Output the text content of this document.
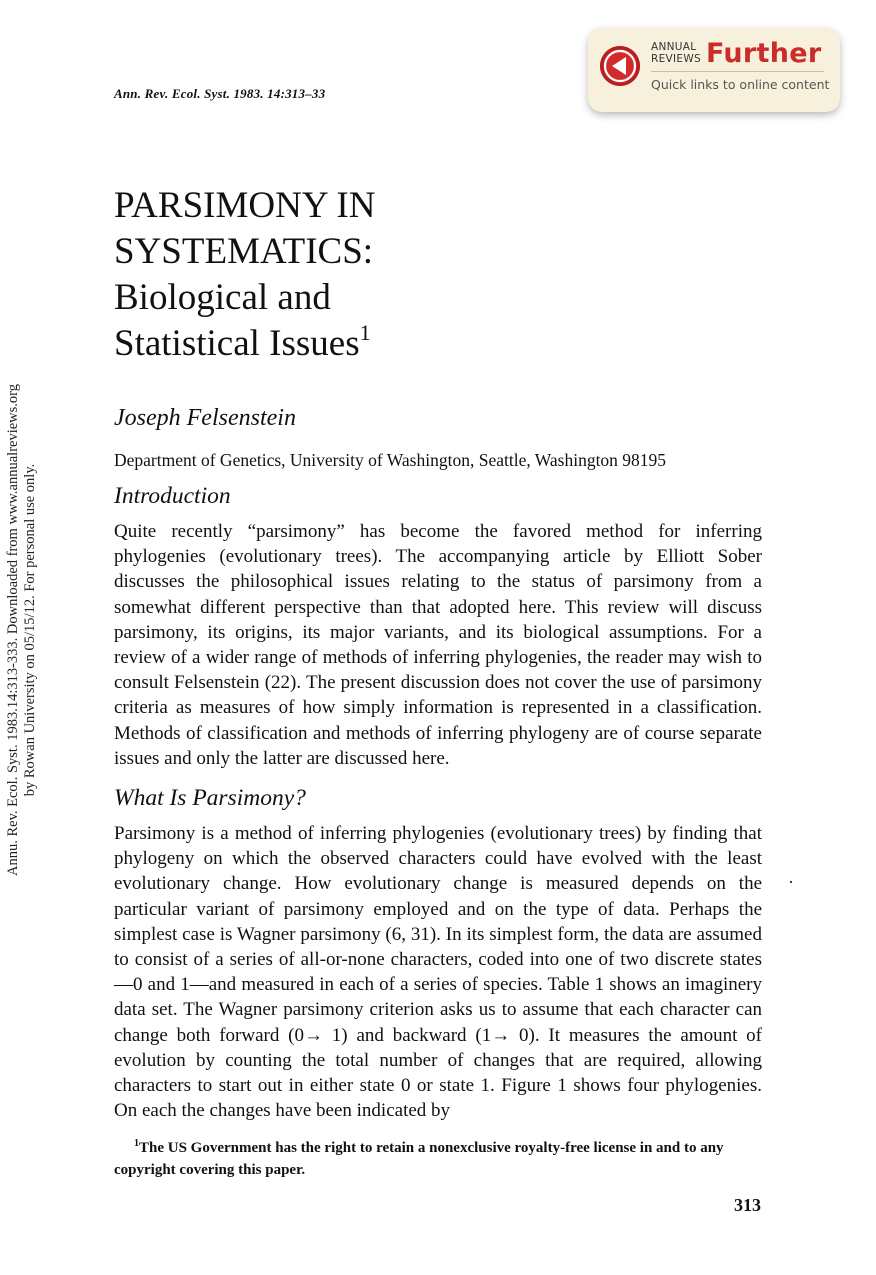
Ann. Rev. Ecol. Syst. 1983. 14:313–33
ANNUAL
REVIEWS Further
Quick links to online content
Annu. Rev. Ecol. Syst. 1983.14:313-333. Downloaded from www.annualreviews.org by Rowan University on 05/15/12. For personal use only.
PARSIMONY IN
SYSTEMATICS:
Biological and
Statistical Issues$^1$
Joseph Felsenstein
Department of Genetics, University of Washington, Seattle, Washington 98195
Introduction

Quite recently “parsimony” has become the favored method for inferring phylogenies (evolutionary trees). The accompanying article by Elliott Sober discusses the philosophical issues relating to the status of parsimony from a somewhat different perspective than that adopted here. This review will discuss parsimony, its origins, its major variants, and its biological assumptions. For a review of a wider range of methods of inferring phylogenies, the reader may wish to consult Felsenstein (22). The present discussion does not cover the use of parsimony criteria as measures of how simply information is represented in a classification. Methods of classification and methods of inferring phylogeny are of course separate issues and only the latter are discussed here.

What Is Parsimony?

Parsimony is a method of inferring phylogenies (evolutionary trees) by finding that phylogeny on which the observed characters could have evolved with the least evolutionary change. How evolutionary change is measured depends on the particular variant of parsimony employed and on the type of data. Perhaps the simplest case is Wagner parsimony (6, 31). In its simplest form, the data are assumed to consist of a series of all-or-none characters, coded into one of two discrete states—0 and 1—and measured in each of a series of species. Table 1 shows an imaginery data set. The Wagner parsimony criterion asks us to assume that each character can change both forward (0→ 1) and backward (1→ 0). It measures the amount of evolution by counting the total number of changes that are required, allowing characters to start out in either state 0 or state 1. Figure 1 shows four phylogenies. On each the changes have been indicated by

$^1$The US Government has the right to retain a nonexclusive royalty-free license in and to any
copyright covering this paper.
313
